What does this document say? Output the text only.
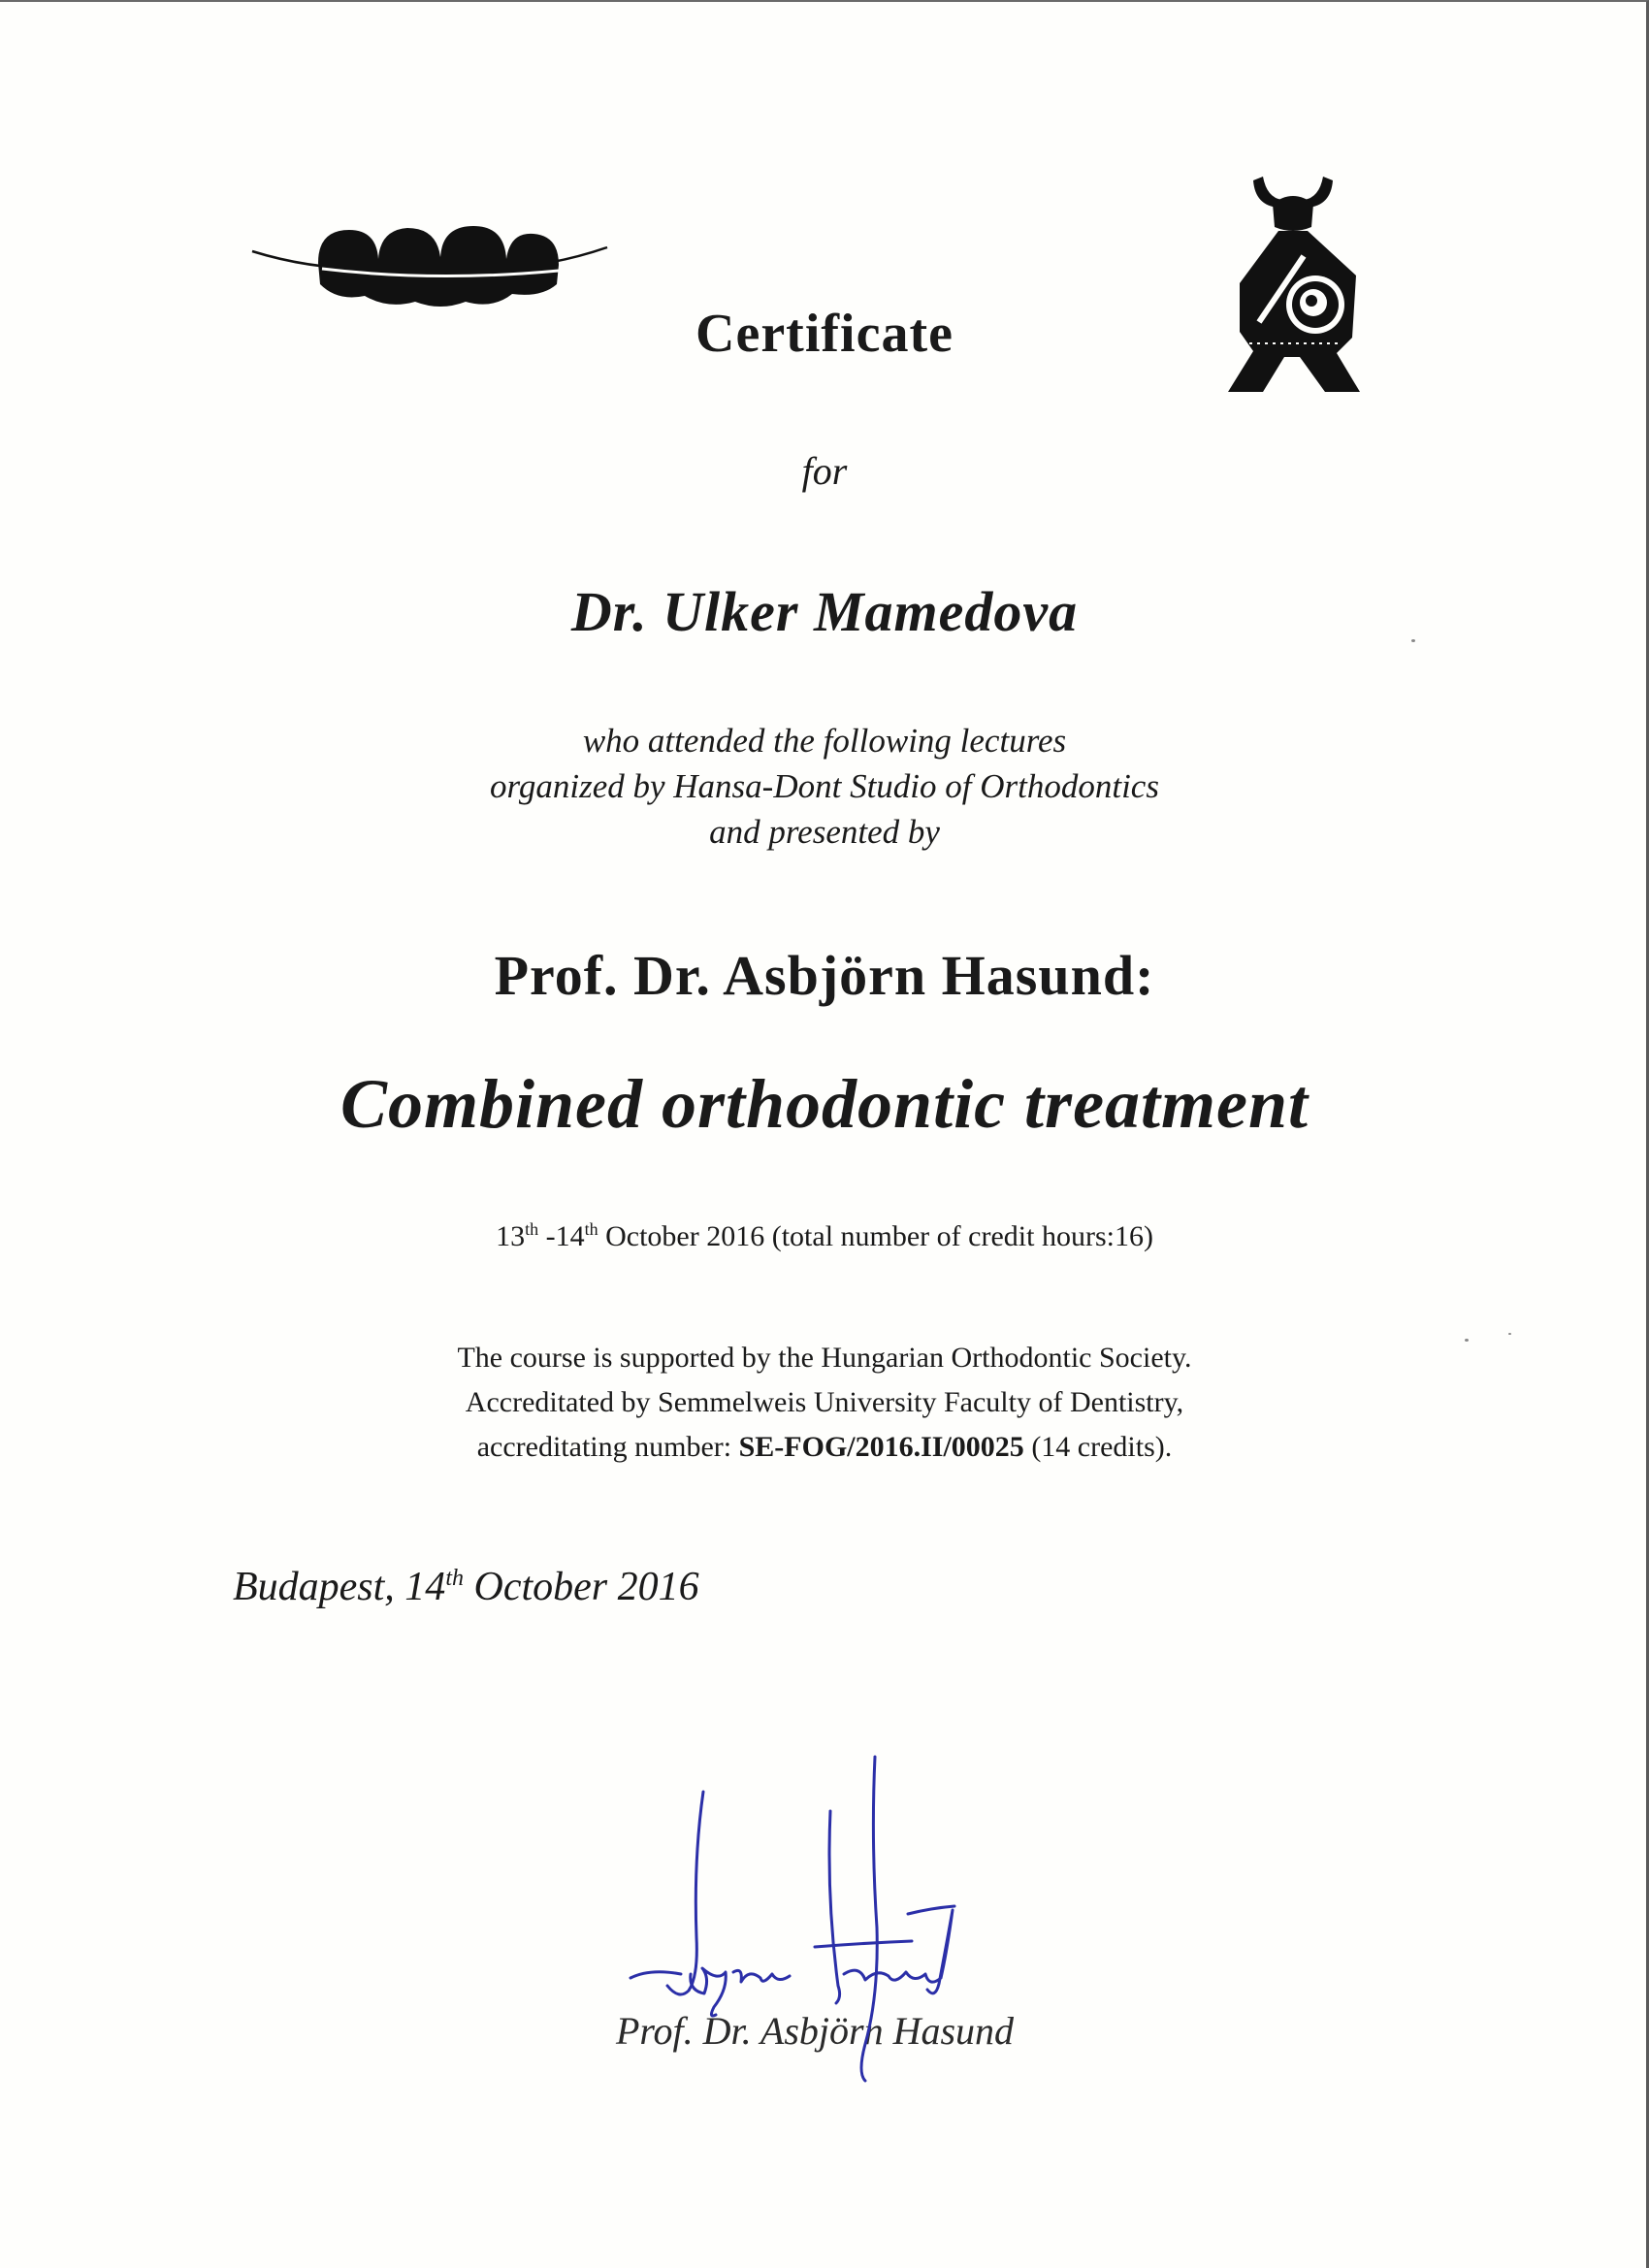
Certificate
for
Dr. Ulker Mamedova
who attended the following lectures
organized by Hansa-Dont Studio of Orthodontics
and presented by
Prof. Dr. Asbjörn Hasund:
Combined orthodontic treatment
13th -14th October 2016 (total number of credit hours:16)
The course is supported by the Hungarian Orthodontic Society.
Accreditated by Semmelweis University Faculty of Dentistry,
accreditating number: SE-FOG/2016.II/00025 (14 credits).
Budapest, 14th October 2016
Prof. Dr. Asbjörn Hasund
